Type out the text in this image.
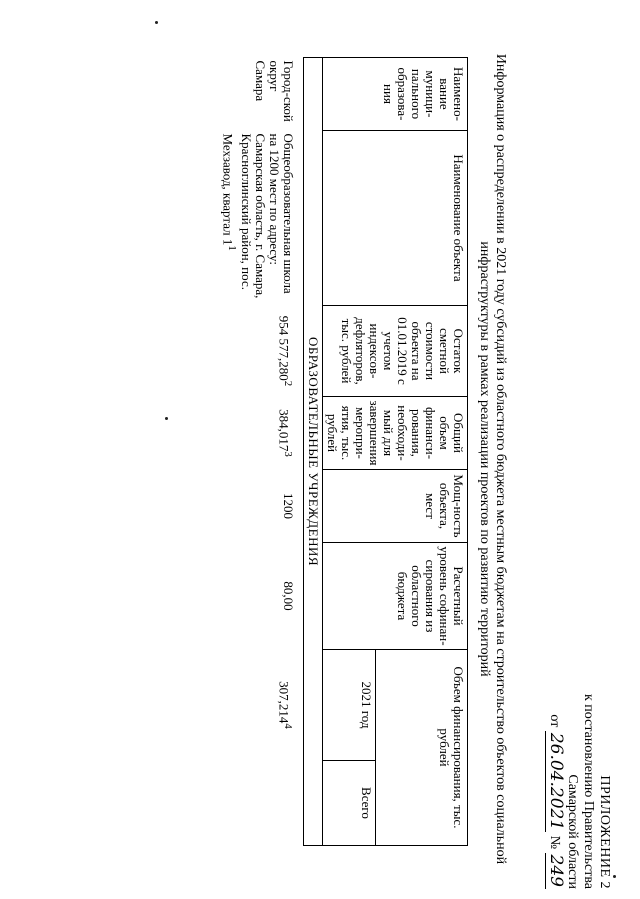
ПРИЛОЖЕНИЕ 2
к постановлению Правительства
Самарской области
от 26.04.2021 № 249
Информация о распределении в 2021 году субсидий из областного бюджета местным бюджетам на строительство объектов социальной инфраструктуры в рамках реализации проектов по развитию территорий
Наимено-вание муници-пального образова-ния	Наименование объекта	Остаток сметной стоимости объекта на 01.01.2019 с учетом индексов-дефляторов, тыс. рублей	Общий объем финанси-рования, необходи-мый для завершения меропри-ятия, тыс. рублей	Мощ-ность объекта, мест	Расчетный уровень софинан-сирования из областного бюджета	Объем финансирования, тыс. рублей	
						2021 год	Всего
ОБРАЗОВАТЕЛЬНЫЕ УЧРЕЖДЕНИЯ							
Город-ской округ Самара	Общеобразовательная школа на 1200 мест по адресу: Самарская область, г. Самара, Красноглинский район, пос. Мехзавод, квартал $1^1$	954 577,280$^2$	384,017$^3$	1200	80,00	307,214$^4$	
